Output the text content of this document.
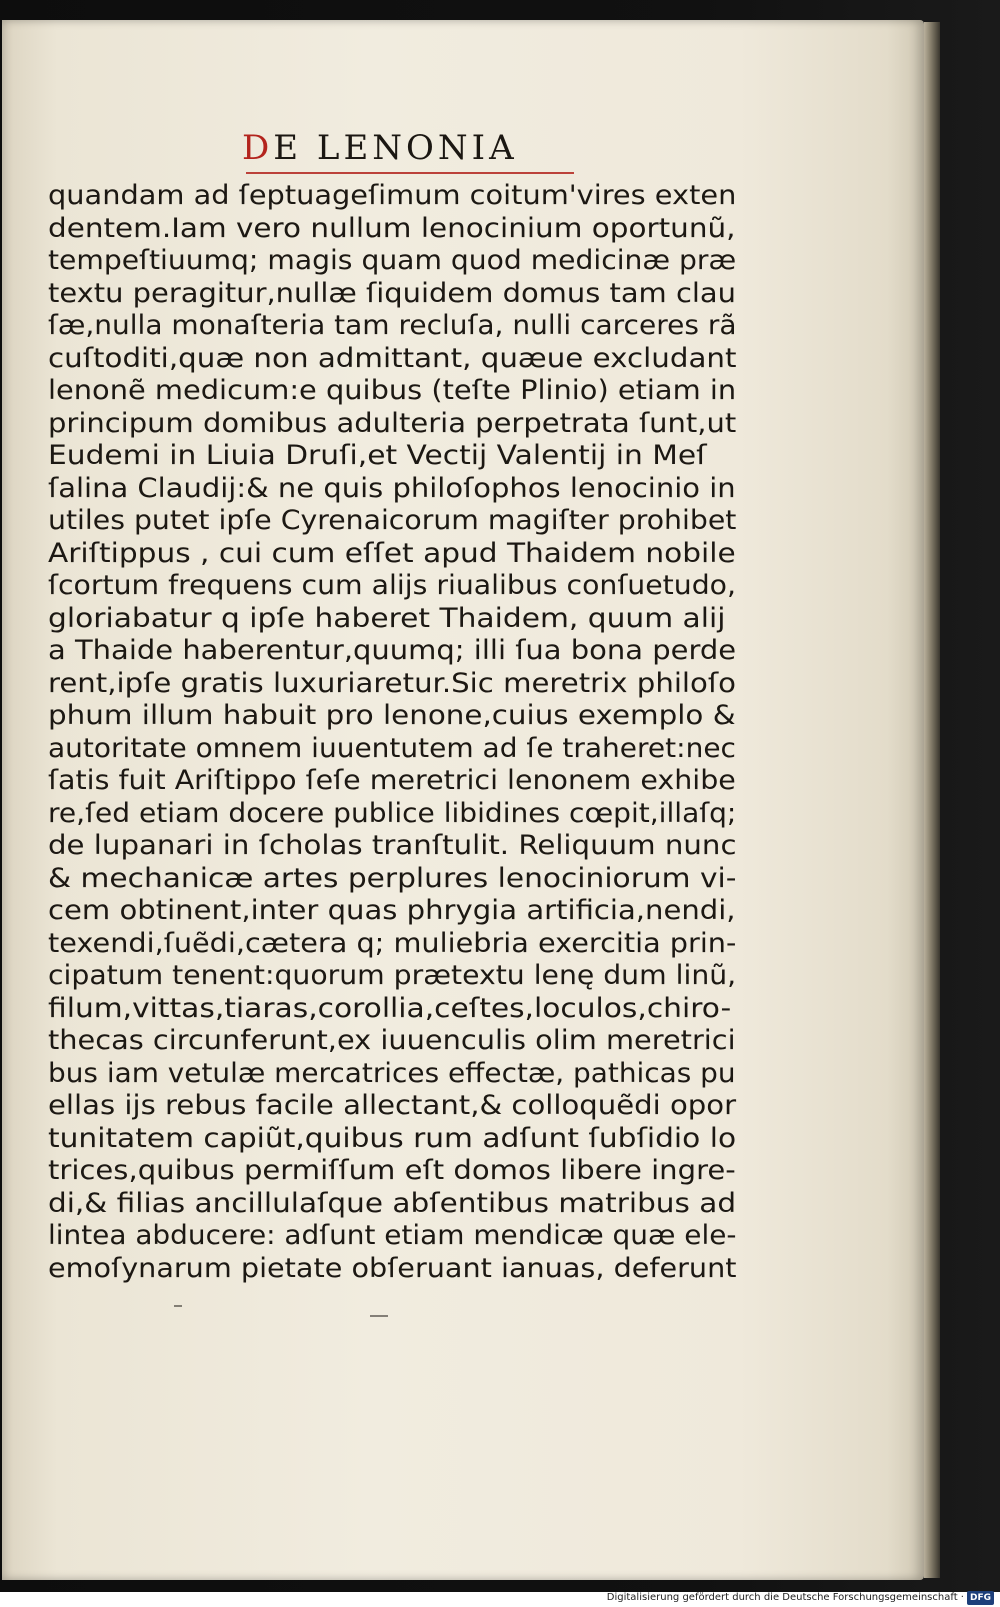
DE LENONIA
quandam ad ſeptuageſimum coitum'vires exten
dentem.Iam vero nullum lenocinium oportunũ,
tempeſtiuumq; magis quam quod medicinæ præ
textu peragitur,nullæ ſiquidem domus tam clau
ſæ,nulla monaſteria tam recluſa, nulli carceres rã
cuſtoditi,quæ non admittant, quæue excludant
lenonẽ medicum:e quibus (teſte Plinio) etiam in
principum domibus adulteria perpetrata ſunt,ut
Eudemi in Liuia Druſi,et Vectij Valentij in Meſ
ſalina Claudij:& ne quis philoſophos lenocinio in
utiles putet ipſe Cyrenaicorum magiſter prohibet
Ariſtippus , cui cum eſſet apud Thaidem nobile
ſcortum frequens cum alijs riualibus conſuetudo,
gloriabatur q ipſe haberet Thaidem, quum alij
a Thaide haberentur,quumq; illi ſua bona perde
rent,ipſe gratis luxuriaretur.Sic meretrix philoſo
phum illum habuit pro lenone,cuius exemplo &
autoritate omnem iuuentutem ad ſe traheret:nec
ſatis fuit Ariſtippo ſeſe meretrici lenonem exhibe
re,ſed etiam docere publice libidines cœpit,illaſq;
de lupanari in ſcholas tranſtulit. Reliquum nunc
& mechanicæ artes perplures lenociniorum vi-
cem obtinent,inter quas phrygia artificia,nendi,
texendi,ſuẽdi,cætera q; muliebria exercitia prin-
cipatum tenent:quorum prætextu lenę dum linũ,
filum,vittas,tiaras,corollia,ceſtes,loculos,chiro-
thecas circunferunt,ex iuuenculis olim meretrici
bus iam vetulæ mercatrices effectæ, pathicas pu
ellas ijs rebus facile allectant,& colloquẽdi opor
tunitatem capiũt,quibus rum adſunt ſubſidio lo
trices,quibus permiſſum eſt domos libere ingre-
di,& filias ancillulaſque abſentibus matribus ad
lintea abducere: adſunt etiam mendicæ quæ ele-
emoſynarum pietate obſeruant ianuas, deferunt
Digitalisierung gefördert durch die Deutsche Forschungsgemeinschaft · DFG
